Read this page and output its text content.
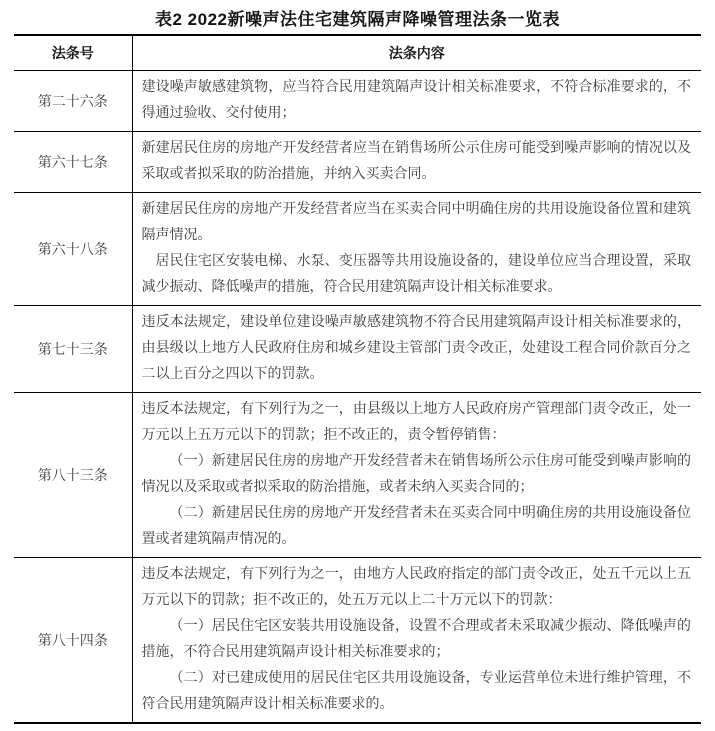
表2 2022新噪声法住宅建筑隔声降噪管理法条一览表
法条号	法条内容
第二十六条	建设噪声敏感建筑物，应当符合民用建筑隔声设计相关标准要求，不符合标准要求的，不得通过验收、交付使用；

第六十七条	新建居民住房的房地产开发经营者应当在销售场所公示住房可能受到噪声影响的情况以及采取或者拟采取的防治措施，并纳入买卖合同。

第六十八条	新建居民住房的房地产开发经营者应当在买卖合同中明确住房的共用设施设备位置和建筑隔声情况。

居民住宅区安装电梯、水泵、变压器等共用设施设备的，建设单位应当合理设置，采取减少振动、降低噪声的措施，符合民用建筑隔声设计相关标准要求。

第七十三条	违反本法规定，建设单位建设噪声敏感建筑物不符合民用建筑隔声设计相关标准要求的，由县级以上地方人民政府住房和城乡建设主管部门责令改正，处建设工程合同价款百分之二以上百分之四以下的罚款。

第八十三条	违反本法规定，有下列行为之一，由县级以上地方人民政府房产管理部门责令改正，处一万元以上五万元以下的罚款；拒不改正的，责令暂停销售：

（一）新建居民住房的房地产开发经营者未在销售场所公示住房可能受到噪声影响的情况以及采取或者拟采取的防治措施，或者未纳入买卖合同的；

（二）新建居民住房的房地产开发经营者未在买卖合同中明确住房的共用设施设备位置或者建筑隔声情况的。

第八十四条	违反本法规定，有下列行为之一，由地方人民政府指定的部门责令改正，处五千元以上五万元以下的罚款；拒不改正的，处五万元以上二十万元以下的罚款：

（一）居民住宅区安装共用设施设备，设置不合理或者未采取减少振动、降低噪声的措施，不符合民用建筑隔声设计相关标准要求的；

（二）对已建成使用的居民住宅区共用设施设备，专业运营单位未进行维护管理，不符合民用建筑隔声设计相关标准要求的。
